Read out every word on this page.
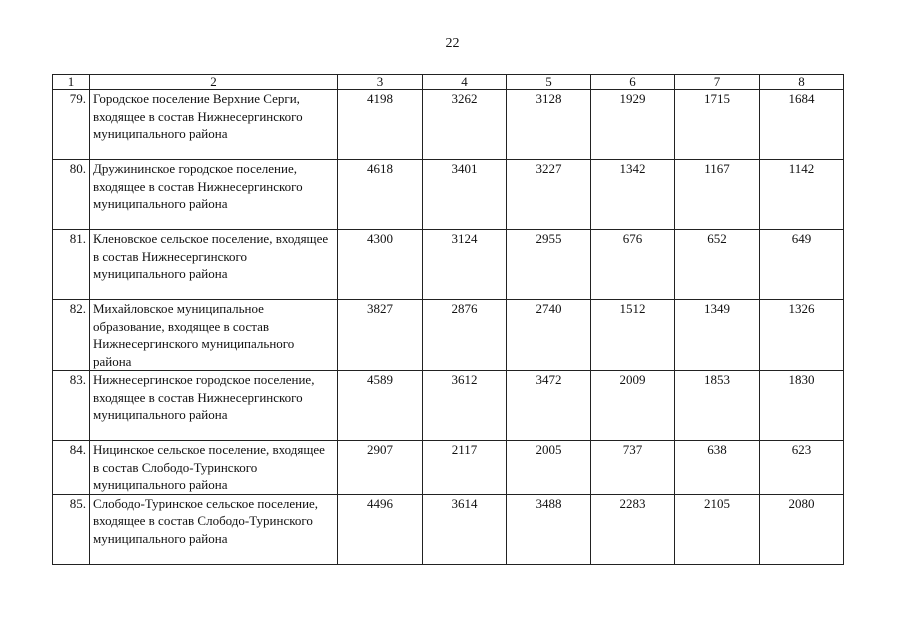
22
1	2	3	4	5	6	7	8
79.	Городское поселение Верхние Серги, входящее в состав Нижнесергинского муниципального района	4198	3262	3128	1929	1715	1684
80.	Дружининское городское поселение, входящее в состав Нижнесергинского муниципального района	4618	3401	3227	1342	1167	1142
81.	Кленовское сельское поселение, входящее в состав Нижнесергинского муниципального района	4300	3124	2955	676	652	649
82.	Михайловское муниципальное образование, входящее в состав Нижнесергинского муниципального района	3827	2876	2740	1512	1349	1326
83.	Нижнесергинское городское поселение, входящее в состав Нижнесергинского муниципального района	4589	3612	3472	2009	1853	1830
84.	Ницинское сельское поселение, входящее в состав Слободо-Туринского муниципального района	2907	2117	2005	737	638	623
85.	Слободо-Туринское сельское поселение, входящее в состав Слободо-Туринского муниципального района	4496	3614	3488	2283	2105	2080
